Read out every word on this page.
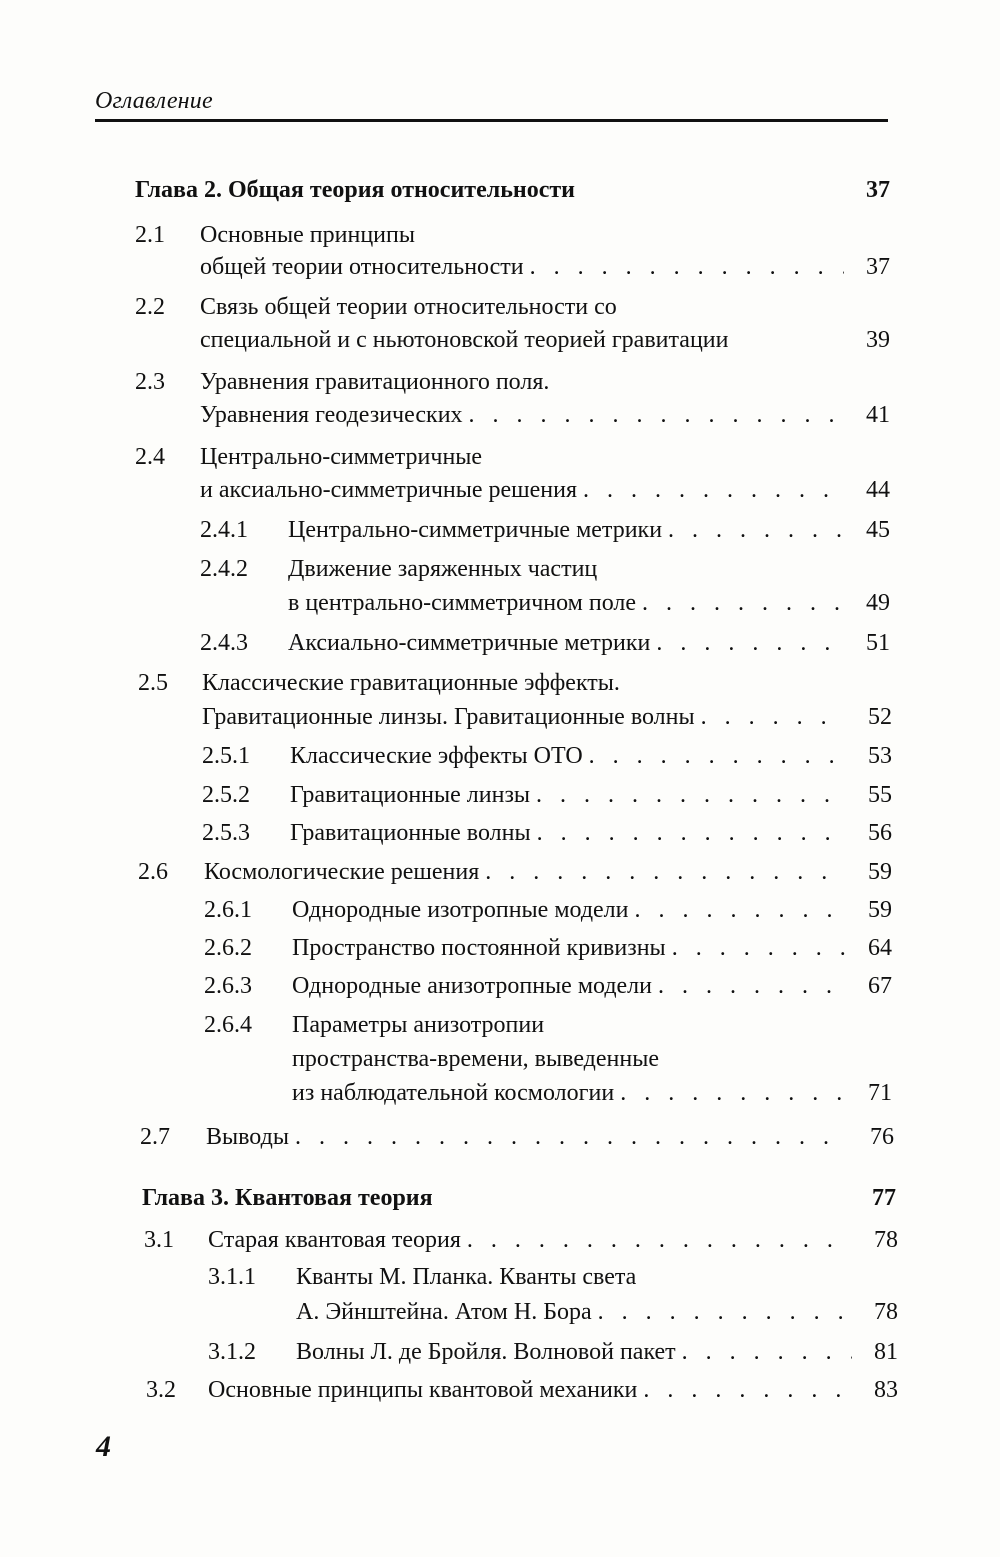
Оглавление
Глава 2. Общая теория относительности	37
2.1 Основные принципы
общей теории относительности . . .	37
2.2 Связь общей теории относительности со
специальной и с ньютоновской теорией гравитации	39
2.3 Уравнения гравитационного поля.
Уравнения геодезических . . .	41
2.4 Центрально-симметричные
и аксиально-симметричные решения . . .	44
2.4.1 Центрально-симметричные метрики . . .	45
2.4.2 Движение заряженных частиц
в центрально-симметричном поле . . .	49
2.4.3 Аксиально-симметричные метрики . . .	51
2.5 Классические гравитационные эффекты.
Гравитационные линзы. Гравитационные волны . . .	52
2.5.1 Классические эффекты ОТО . . .	53
2.5.2 Гравитационные линзы . . .	55
2.5.3 Гравитационные волны . . .	56
2.6 Космологические решения . . .	59
2.6.1 Однородные изотропные модели . . .	59
2.6.2 Пространство постоянной кривизны . . .	64
2.6.3 Однородные анизотропные модели . . .	67
2.6.4 Параметры анизотропии
пространства-времени, выведенные
из наблюдательной космологии . . .	71
2.7 Выводы . . .	76
Глава 3. Квантовая теория	77
3.1 Старая квантовая теория . . .	78
3.1.1 Кванты М. Планка. Кванты света
А. Эйнштейна. Атом Н. Бора . . .	78
3.1.2 Волны Л. де Бройля. Волновой пакет . . .	81
3.2 Основные принципы квантовой механики . . .	83
4
